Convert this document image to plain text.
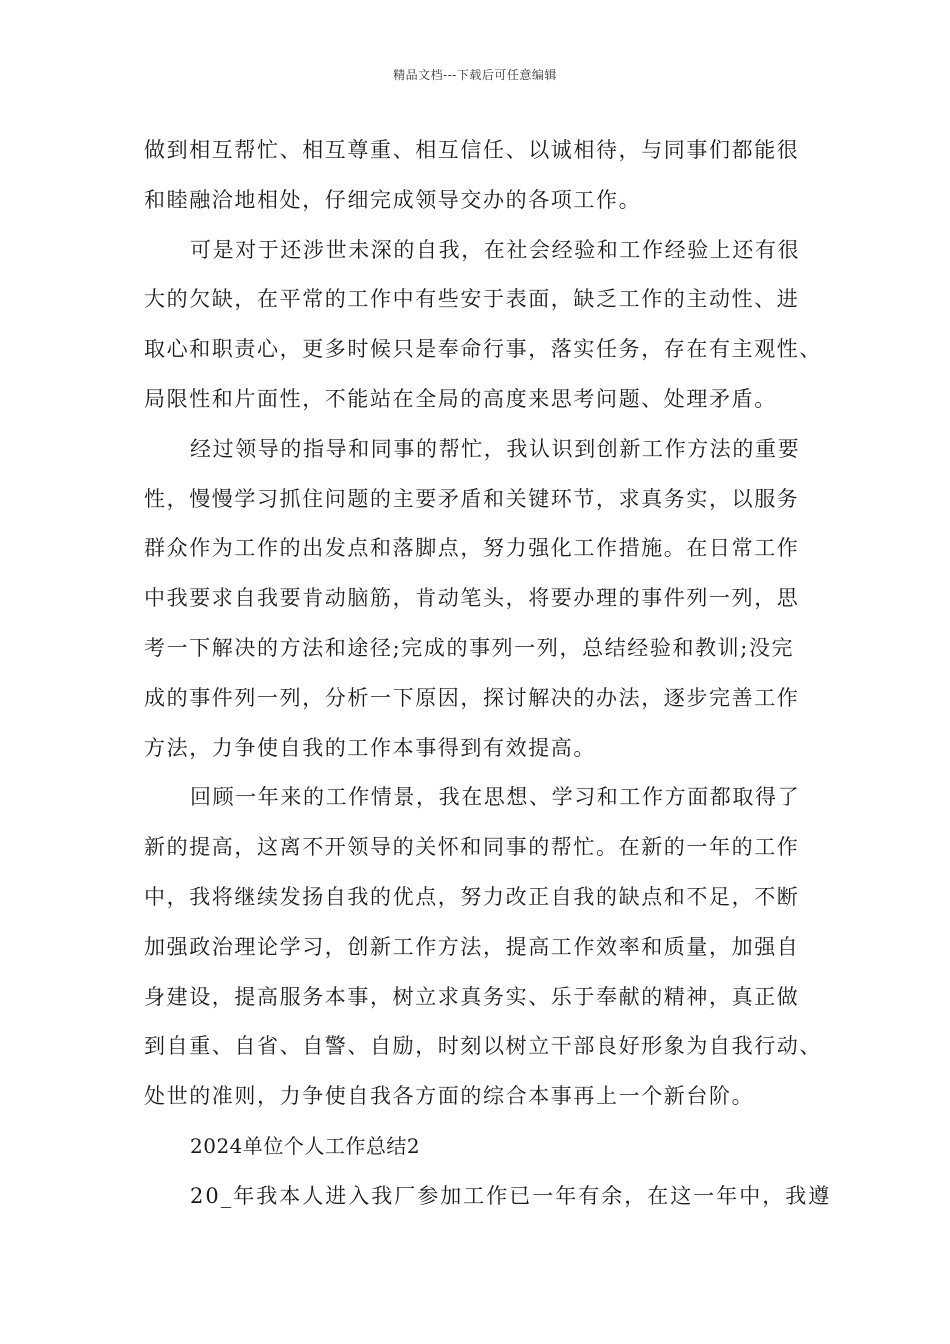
精品文档---下载后可任意编辑
做到相互帮忙、相互尊重、相互信任、以诚相待，与同事们都能很
和睦融洽地相处，仔细完成领导交办的各项工作。
可是对于还涉世未深的自我，在社会经验和工作经验上还有很
大的欠缺，在平常的工作中有些安于表面，缺乏工作的主动性、进
取心和职责心，更多时候只是奉命行事，落实任务，存在有主观性、
局限性和片面性，不能站在全局的高度来思考问题、处理矛盾。
经过领导的指导和同事的帮忙，我认识到创新工作方法的重要
性，慢慢学习抓住问题的主要矛盾和关键环节，求真务实，以服务
群众作为工作的出发点和落脚点，努力强化工作措施。在日常工作
中我要求自我要肯动脑筋，肯动笔头，将要办理的事件列一列，思
考一下解决的方法和途径;完成的事列一列，总结经验和教训;没完
成的事件列一列，分析一下原因，探讨解决的办法，逐步完善工作
方法，力争使自我的工作本事得到有效提高。
回顾一年来的工作情景，我在思想、学习和工作方面都取得了
新的提高，这离不开领导的关怀和同事的帮忙。在新的一年的工作
中，我将继续发扬自我的优点，努力改正自我的缺点和不足，不断
加强政治理论学习，创新工作方法，提高工作效率和质量，加强自
身建设，提高服务本事，树立求真务实、乐于奉献的精神，真正做
到自重、自省、自警、自励，时刻以树立干部良好形象为自我行动、
处世的准则，力争使自我各方面的综合本事再上一个新台阶。
2024单位个人工作总结2
20_年我本人进入我厂参加工作已一年有余，在这一年中，我遵
